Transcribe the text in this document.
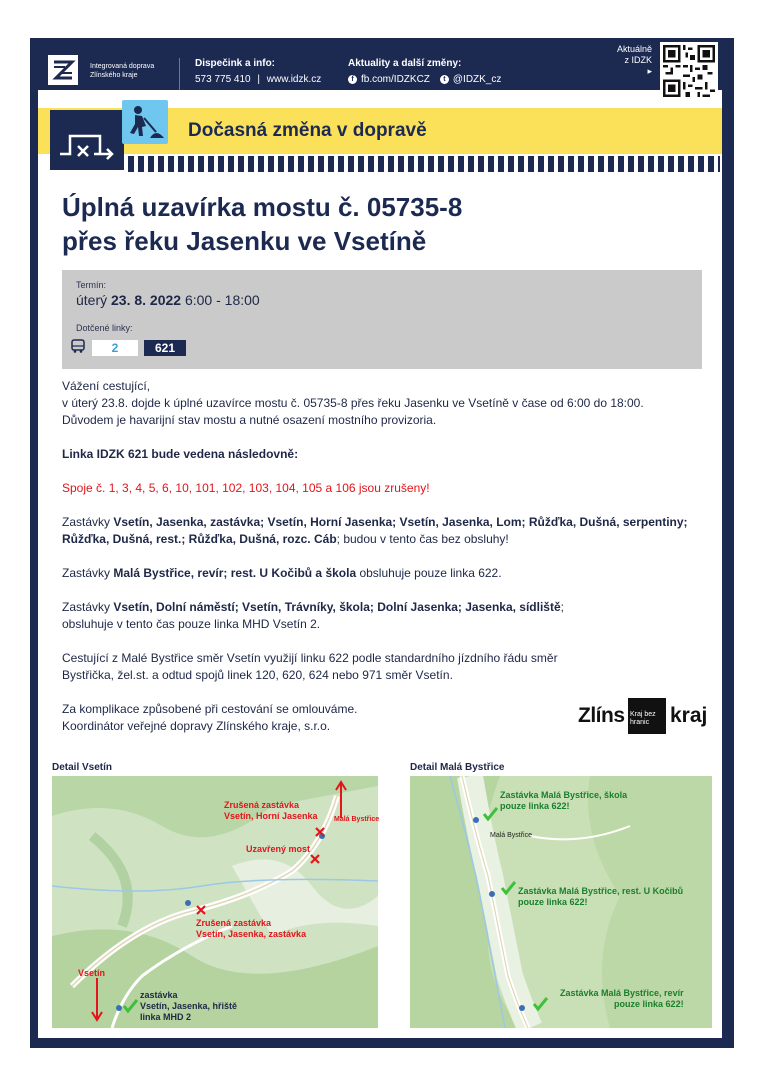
Integrovaná doprava
Zlínského kraje
Dispečink a info:
573 775 410 | www.idzk.cz
Aktuality a další změny:
f fb.com/IDZKCZ	t @IDZK_cz
Aktuálně
z IDZK
▸
Dočasná změna v dopravě
Úplná uzavírka mostu č. 05735-8
přes řeku Jasenku ve Vsetíně
Termín:
úterý 23. 8. 2022 6:00 - 18:00
Dotčené linky:
2	621

Vážení cestující,
v úterý 23.8. dojde k úplné uzavírce mostu č. 05735-8 přes řeku Jasenku ve Vsetíně v čase od 6:00 do 18:00.
Důvodem je havarijní stav mostu a nutné osazení mostního provizoria.

Linka IDZK 621 bude vedena následovně:

Spoje č. 1, 3, 4, 5, 6, 10, 101, 102, 103, 104, 105 a 106 jsou zrušeny!

Zastávky Vsetín, Jasenka, zastávka; Vsetín, Horní Jasenka; Vsetín, Jasenka, Lom; Růžďka, Dušná, serpentiny; Růžďka, Dušná, rest.; Růžďka, Dušná, rozc. Cáb; budou v tento čas bez obsluhy!

Zastávky Malá Bystřice, revír; rest. U Kočibů a škola obsluhuje pouze linka 622.

Zastávky Vsetín, Dolní náměstí; Vsetín, Trávníky, škola; Dolní Jasenka; Jasenka, sídliště;
obsluhuje v tento čas pouze linka MHD Vsetín 2.

Cestující z Malé Bystřice směr Vsetín využijí linku 622 podle standardního jízdního řádu směr
Bystřička, žel.st. a odtud spojů linek 120, 620, 624 nebo 971 směr Vsetín.

Za komplikace způsobené při cestování se omlouváme.
Koordinátor veřejné dopravy Zlínského kraje, s.r.o.	Zlíns Kraj bez
hranic kraj
Detail Vsetín
Zrušená zastávka
Vsetín, Horní Jasenka Malá Bystřice
Uzavřený most
Zrušená zastávka
Vsetín, Jasenka, zastávka
Vsetín
zastávka
Vsetín, Jasenka, hřiště
linka MHD 2
Detail Malá Bystřice
Zastávka Malá Bystřice, škola
pouze linka 622!
Malá Bystřice
Zastávka Malá Bystřice, rest. U Kočibů
pouze linka 622!
Zastávka Malá Bystřice, revír
pouze linka 622!
